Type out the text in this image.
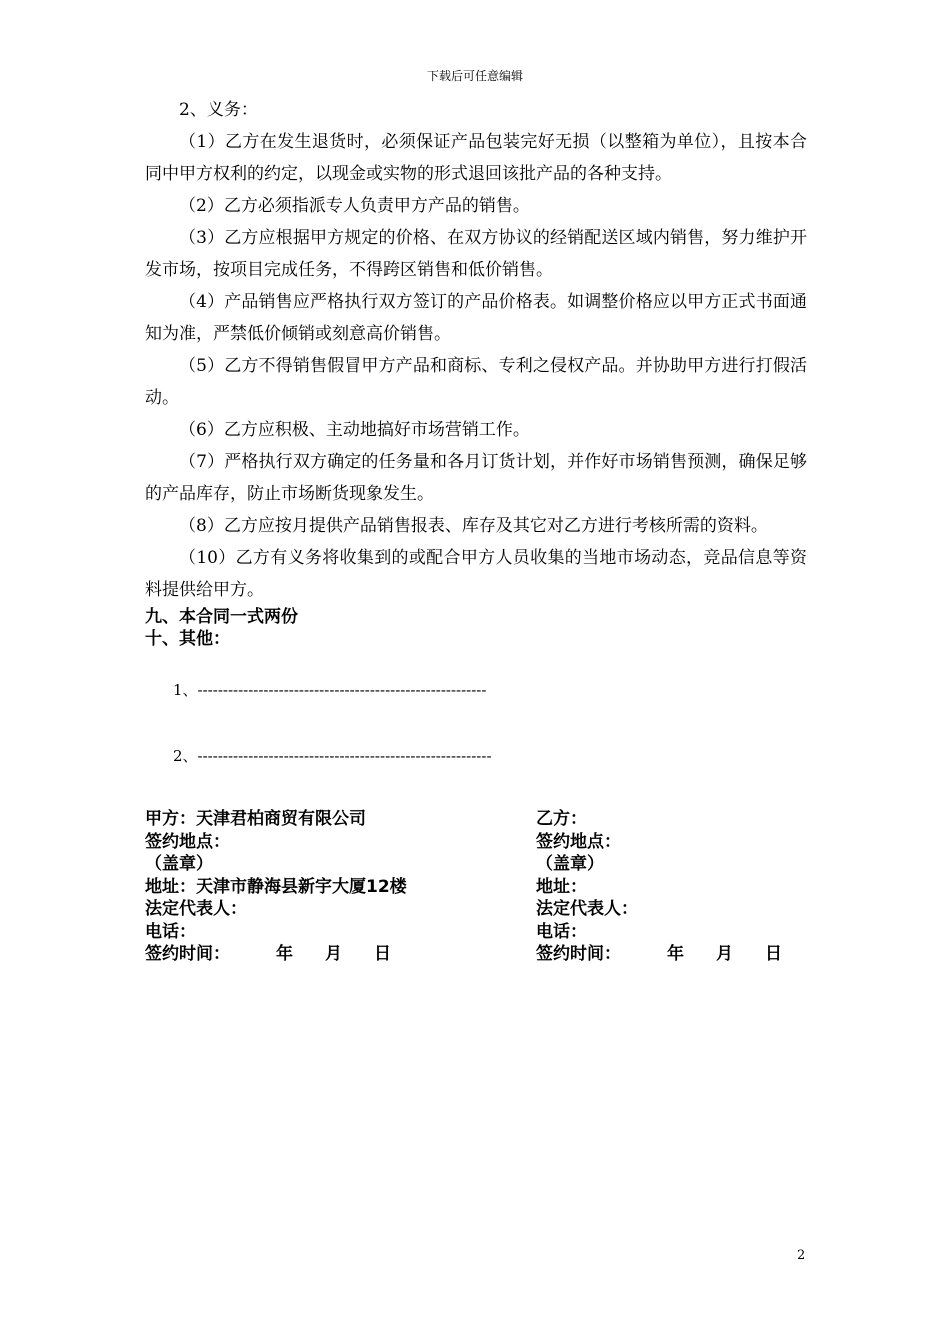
下载后可任意编辑

2、义务：

（1）乙方在发生退货时，必须保证产品包装完好无损（以整箱为单位），且按本合同中甲方权利的约定，以现金或实物的形式退回该批产品的各种支持。

（2）乙方必须指派专人负责甲方产品的销售。

（3）乙方应根据甲方规定的价格、在双方协议的经销配送区域内销售，努力维护开发市场，按项目完成任务，不得跨区销售和低价销售。

（4）产品销售应严格执行双方签订的产品价格表。如调整价格应以甲方正式书面通知为准，严禁低价倾销或刻意高价销售。

（5）乙方不得销售假冒甲方产品和商标、专利之侵权产品。并协助甲方进行打假活动。

（6）乙方应积极、主动地搞好市场营销工作。

（7）严格执行双方确定的任务量和各月订货计划，并作好市场销售预测，确保足够的产品库存，防止市场断货现象发生。

（8）乙方应按月提供产品销售报表、库存及其它对乙方进行考核所需的资料。

（10）乙方有义务将收集到的或配合甲方人员收集的当地市场动态，竞品信息等资料提供给甲方。

九、本合同一式两份

十、其他：

1、---------------------------------------------------------

2、----------------------------------------------------------

甲方：天津君柏商贸有限公司	乙方：
签约地点：	签约地点：
（盖章）	（盖章）
地址：天津市静海县新宇大厦12楼	地址：
法定代表人：	法定代表人：
电话：	电话：
签约时间：	年 月 日	签约时间：	年 月 日
2
